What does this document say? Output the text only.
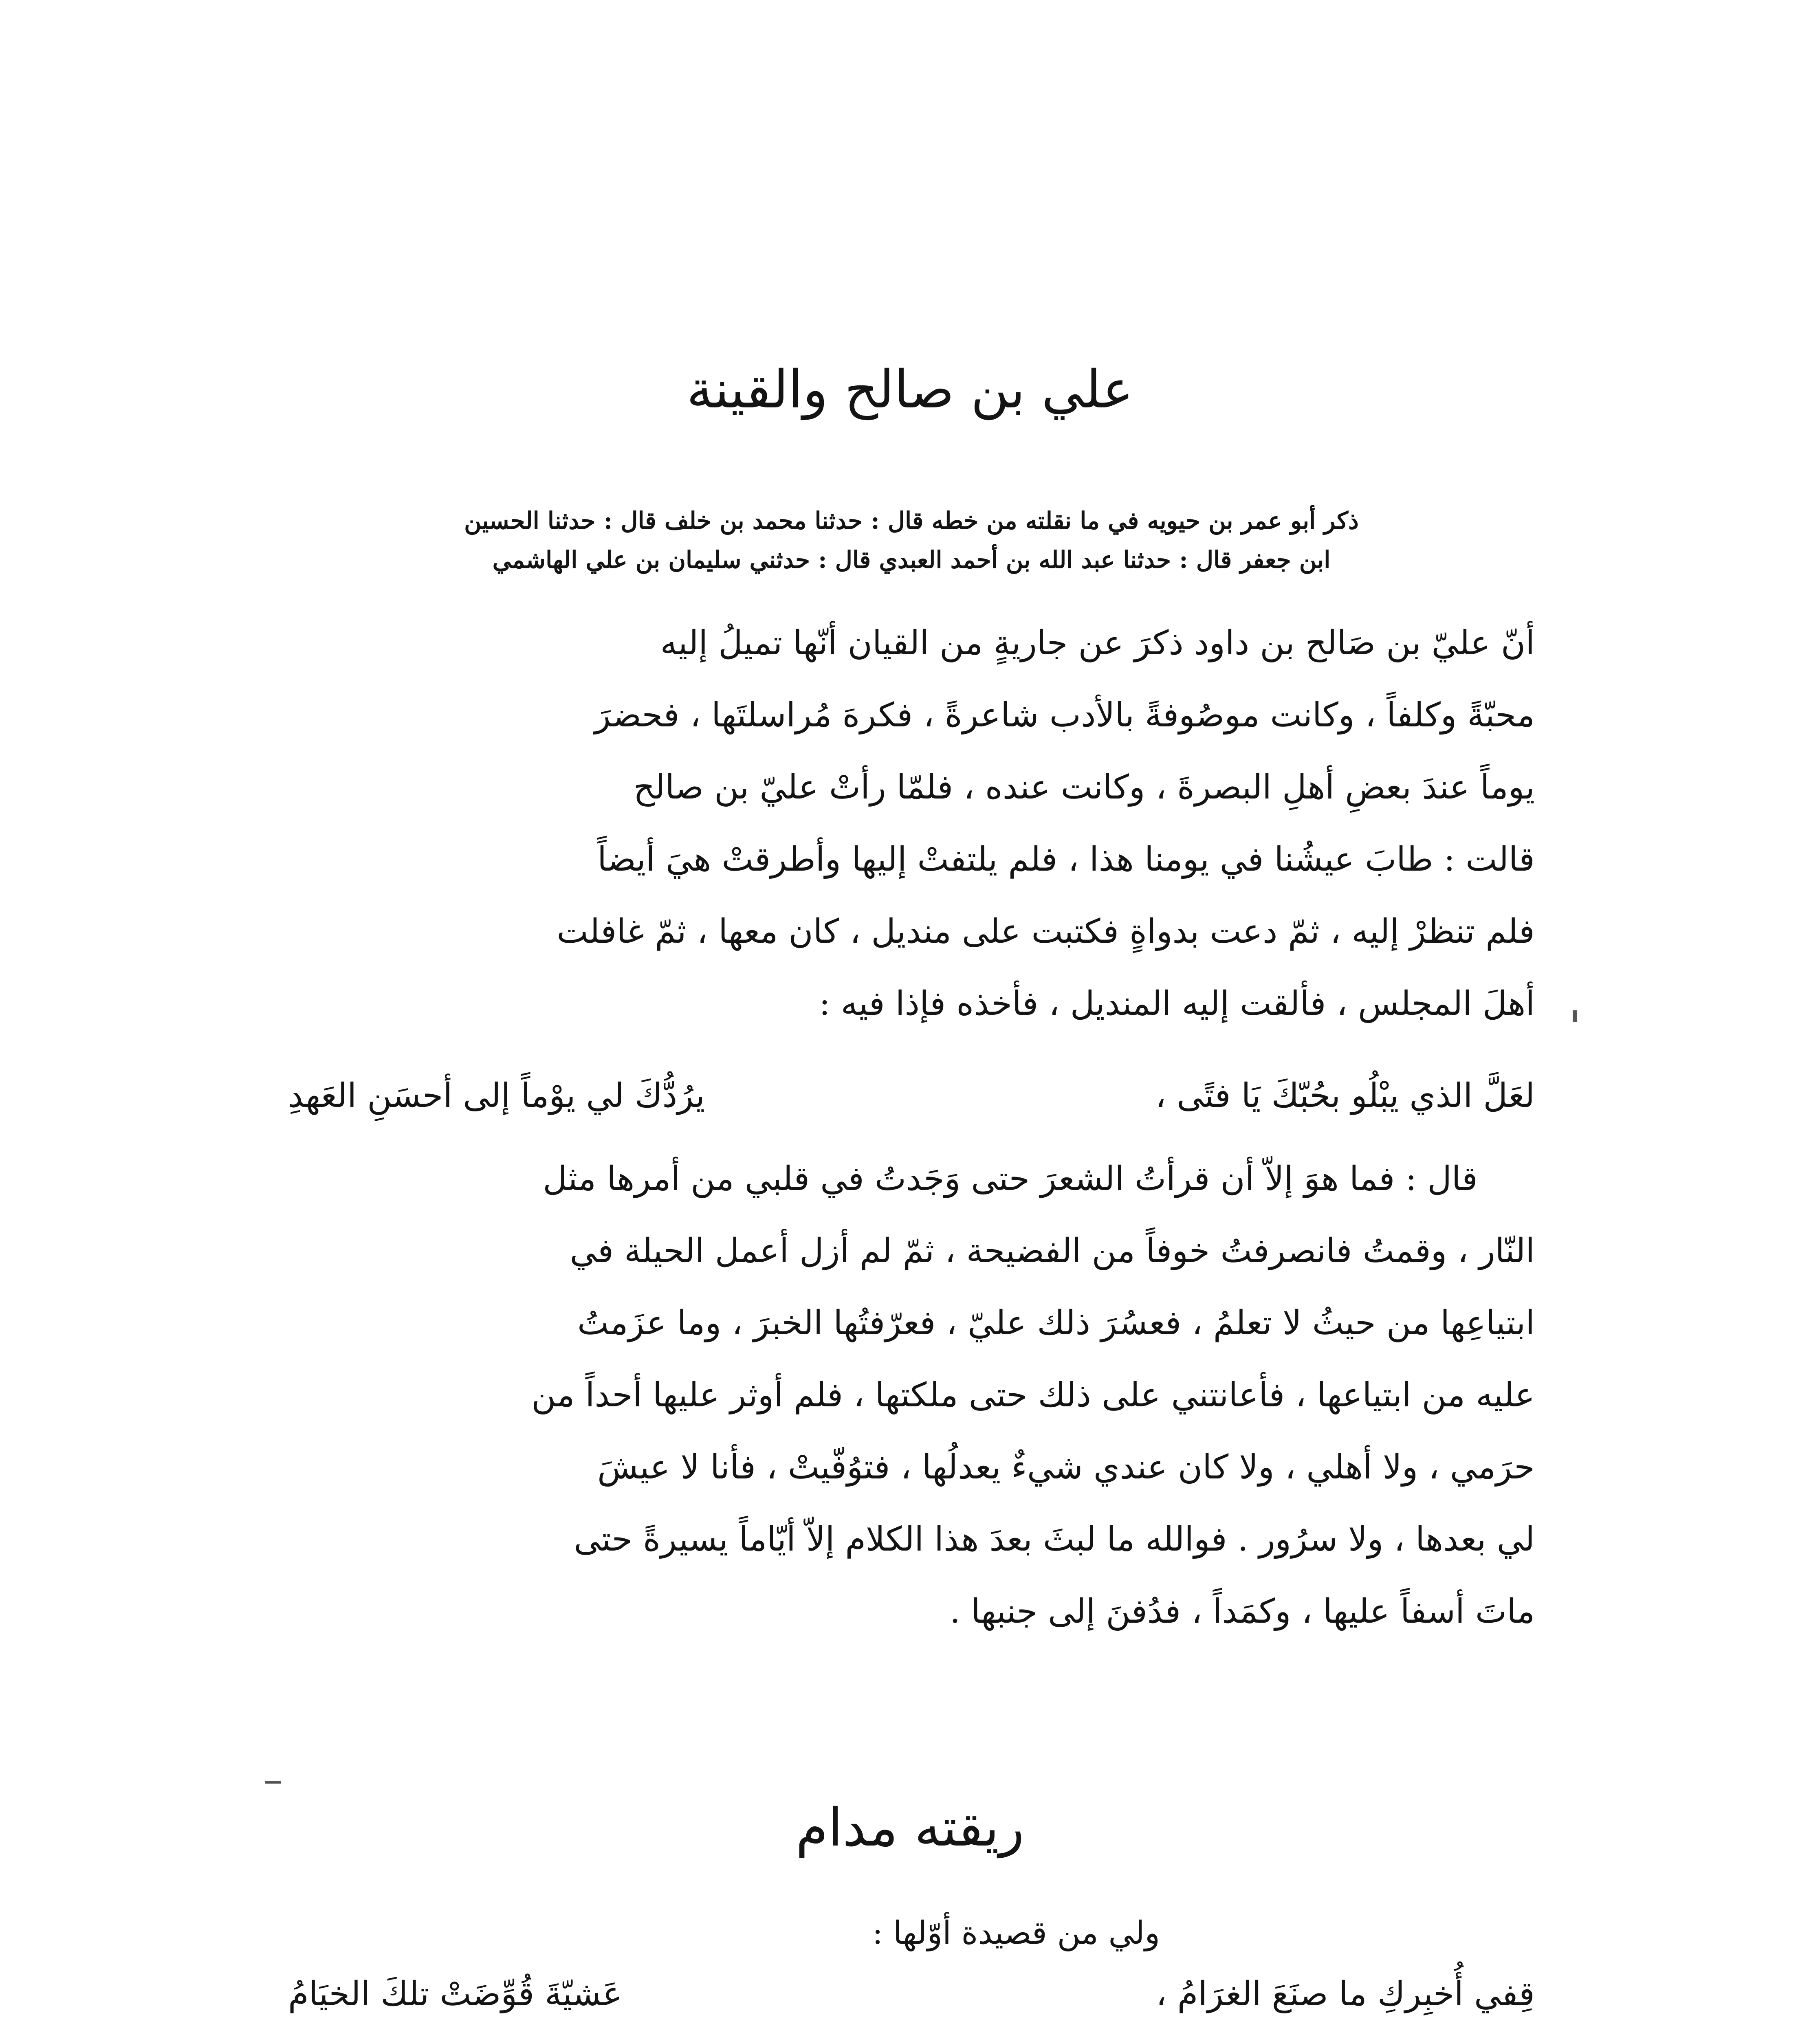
علي بن صالح والقينة

ذكر أبو عمر بن حيويه في ما نقلته من خطه قال : حدثنا محمد بن خلف قال : حدثنا الحسين

ابن جعفر قال : حدثنا عبد الله بن أحمد العبدي قال : حدثني سليمان بن علي الهاشمي

أنّ عليّ بن صَالح بن داود ذكرَ عن جاريةٍ من القيان أنّها تميلُ إليه

محبّةً وكلفاً ، وكانت موصُوفةً بالأدب شاعرةً ، فكرهَ مُراسلتَها ، فحضرَ

يوماً عندَ بعضِ أهلِ البصرةَ ، وكانت عنده ، فلمّا رأتْ عليّ بن صالح

قالت : طابَ عيشُنا في يومنا هذا ، فلم يلتفتْ إليها وأطرقتْ هيَ أيضاً

فلم تنظرْ إليه ، ثمّ دعت بدواةٍ فكتبت على منديل ، كان معها ، ثمّ غافلت

أهلَ المجلس ، فألقت إليه المنديل ، فأخذه فإذا فيه :

لعَلَّ الذي يبْلُو بحُبّكَ يَا فتًى ،
يرُدُّكَ لي يوْماً إلى أحسَنِ العَهدِ

قال : فما هوَ إلاّ أن قرأتُ الشعرَ حتى وَجَدتُ في قلبي من أمرها مثل

النّار ، وقمتُ فانصرفتُ خوفاً من الفضيحة ، ثمّ لم أزل أعمل الحيلة في

ابتياعِها من حيثُ لا تعلمُ ، فعسُرَ ذلك عليّ ، فعرّفتُها الخبرَ ، وما عزَمتُ

عليه من ابتياعها ، فأعانتني على ذلك حتى ملكتها ، فلم أوثر عليها أحداً من

حرَمي ، ولا أهلي ، ولا كان عندي شيءٌ يعدلُها ، فتوُفّيتْ ، فأنا لا عيشَ

لي بعدها ، ولا سرُور . فوالله ما لبثَ بعدَ هذا الكلام إلاّ أيّاماً يسيرةً حتى

ماتَ أسفاً عليها ، وكمَداً ، فدُفنَ إلى جنبها .

ريقته مدام
ولي من قصيدة أوّلها :
قِفي أُخبِركِ ما صنَعَ الغرَامُ ،
عَشيّةَ قُوِّضَتْ تلكَ الخيَامُ
